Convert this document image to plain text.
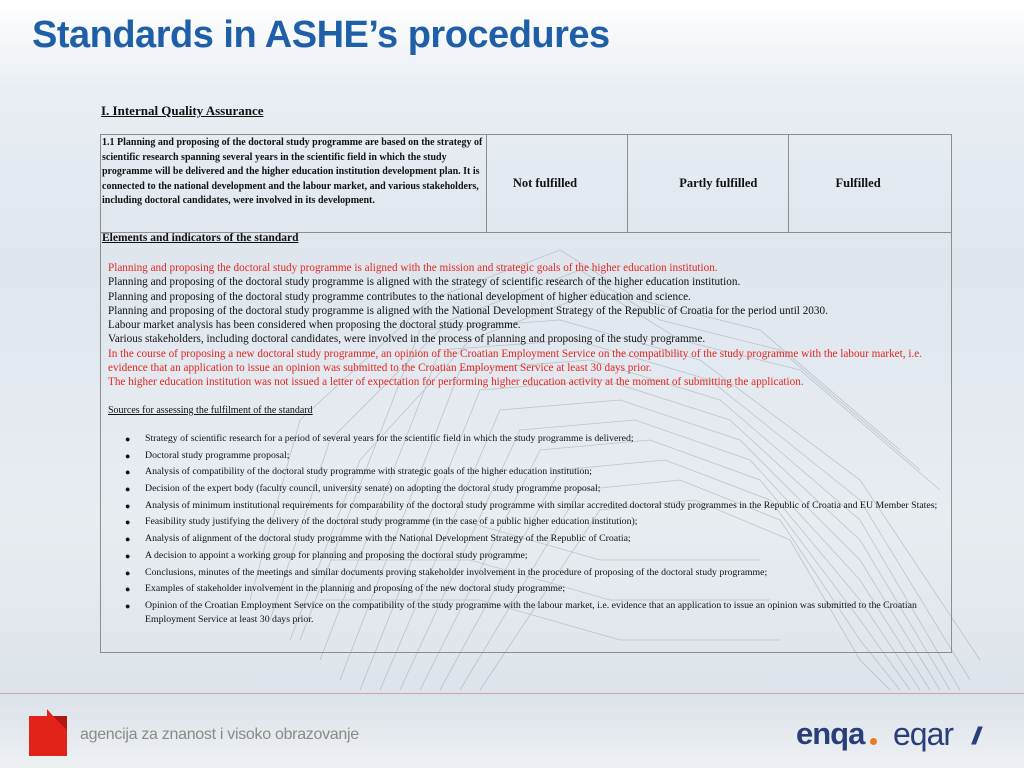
Standards in ASHE’s procedures
I. Internal Quality Assurance
1.1 Planning and proposing of the doctoral study programme are based on the strategy of scientific research spanning several years in the scientific field in which the study programme will be delivered and the higher education institution development plan. It is connected to the national development and the labour market, and various stakeholders, including doctoral candidates, were involved in its development.
Not fulfilled	Partly fulfilled	Fulfilled
Elements and indicators of the standard
Planning and proposing the doctoral study programme is aligned with the mission and strategic goals of the higher education institution.
Planning and proposing of the doctoral study programme is aligned with the strategy of scientific research of the higher education institution.
Planning and proposing of the doctoral study programme contributes to the national development of higher education and science.
Planning and proposing of the doctoral study programme is aligned with the National Development Strategy of the Republic of Croatia for the period until 2030.
Labour market analysis has been considered when proposing the doctoral study programme.
Various stakeholders, including doctoral candidates, were involved in the process of planning and proposing of the study programme.
In the course of proposing a new doctoral study programme, an opinion of the Croatian Employment Service on the compatibility of the study programme with the labour market, i.e. evidence that an application to issue an opinion was submitted to the Croatian Employment Service at least 30 days prior.
The higher education institution was not issued a letter of expectation for performing higher education activity at the moment of submitting the application.
Sources for assessing the fulfilment of the standard
● Strategy of scientific research for a period of several years for the scientific field in which the study programme is delivered;
● Doctoral study programme proposal;
● Analysis of compatibility of the doctoral study programme with strategic goals of the higher education institution;
● Decision of the expert body (faculty council, university senate) on adopting the doctoral study programme proposal;
● Analysis of minimum institutional requirements for comparability of the doctoral study programme with similar accredited doctoral study programmes in the Republic of Croatia and EU Member States;
● Feasibility study justifying the delivery of the doctoral study programme (in the case of a public higher education institution);
● Analysis of alignment of the doctoral study programme with the National Development Strategy of the Republic of Croatia;
● A decision to appoint a working group for planning and proposing the doctoral study programme;
● Conclusions, minutes of the meetings and similar documents proving stakeholder involvement in the procedure of proposing of the doctoral study programme;
● Examples of stakeholder involvement in the planning and proposing of the new doctoral study programme;
● Opinion of the Croatian Employment Service on the compatibility of the study programme with the labour market, i.e. evidence that an application to issue an opinion was submitted to the Croatian Employment Service at least 30 days prior.
agencija za znanost i visoko obrazovanje	enqa eqar ////
